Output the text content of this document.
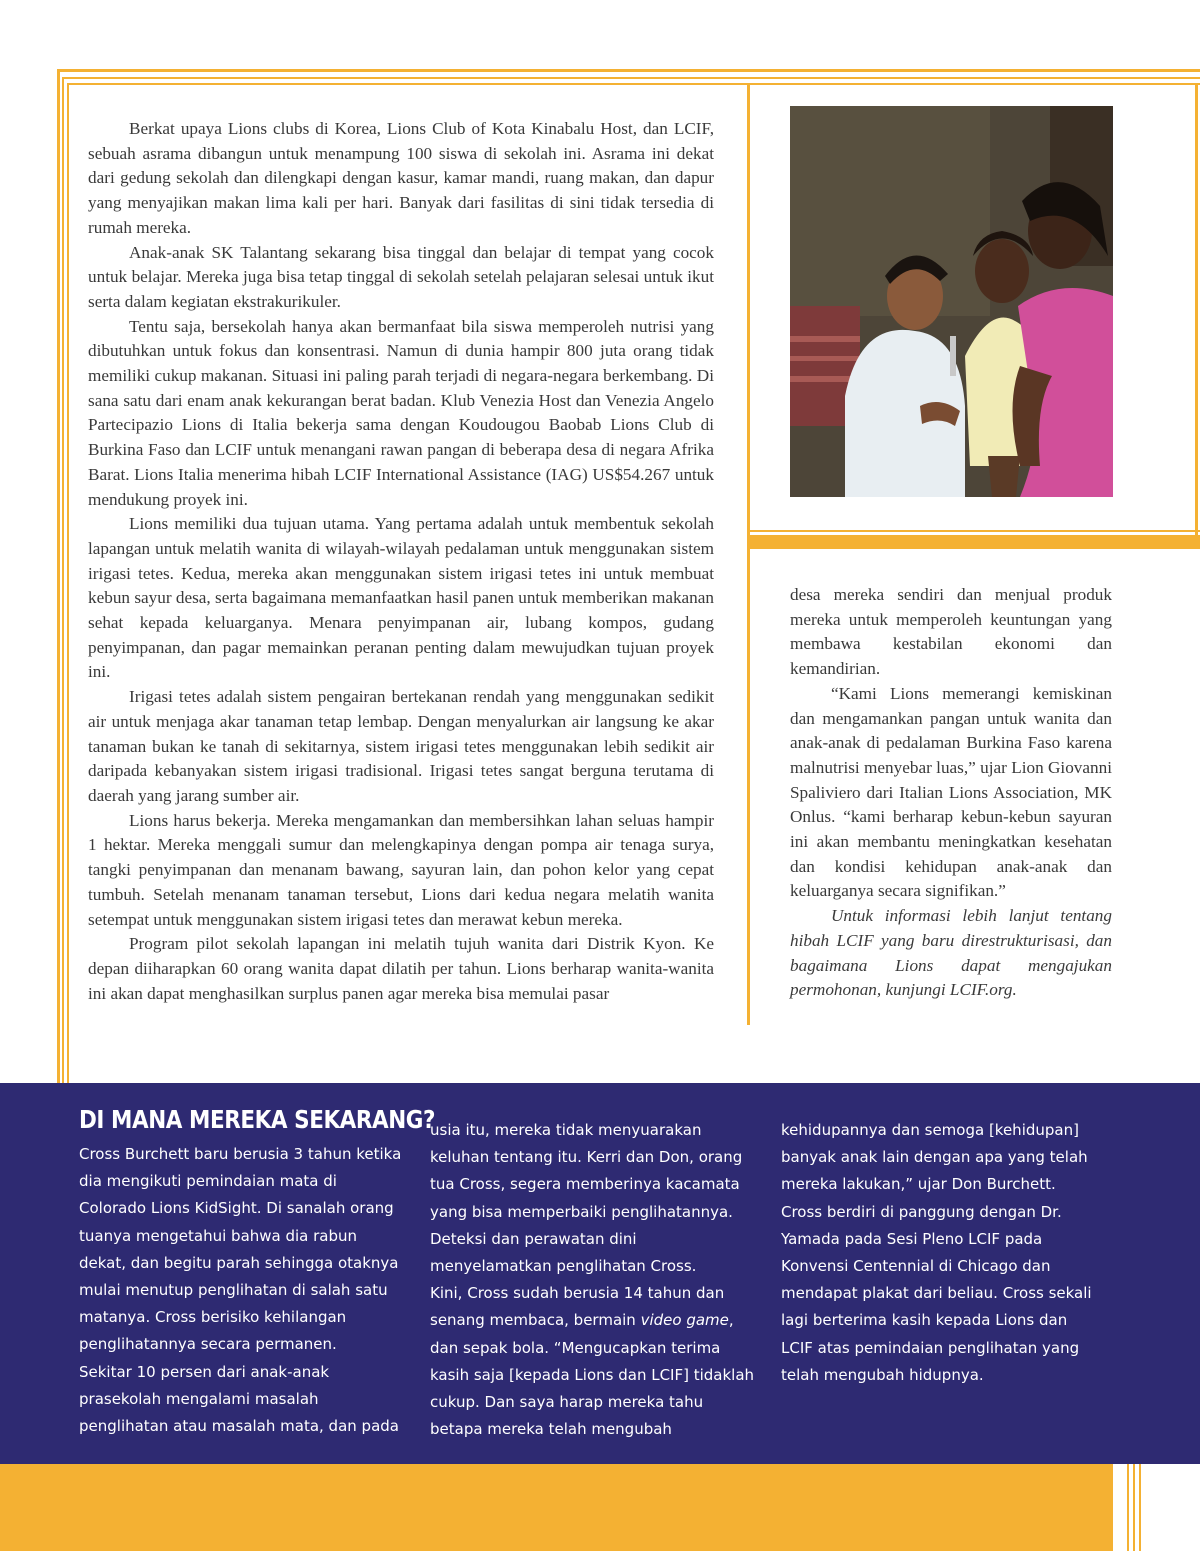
Berkat upaya Lions clubs di Korea, Lions Club of Kota Kinabalu Host, dan LCIF, sebuah asrama dibangun untuk menampung 100 siswa di sekolah ini. Asrama ini dekat dari gedung sekolah dan dilengkapi dengan kasur, kamar mandi, ruang makan, dan dapur yang menyajikan makan lima kali per hari. Banyak dari fasilitas di sini tidak tersedia di rumah mereka.

Anak-anak SK Talantang sekarang bisa tinggal dan belajar di tempat yang cocok untuk belajar. Mereka juga bisa tetap tinggal di sekolah setelah pelajaran selesai untuk ikut serta dalam kegiatan ekstrakurikuler.

Tentu saja, bersekolah hanya akan bermanfaat bila siswa memperoleh nutrisi yang dibutuhkan untuk fokus dan konsentrasi. Namun di dunia hampir 800 juta orang tidak memiliki cukup makanan. Situasi ini paling parah terjadi di negara-negara berkembang. Di sana satu dari enam anak kekurangan berat badan. Klub Venezia Host dan Venezia Angelo Partecipazio Lions di Italia bekerja sama dengan Koudougou Baobab Lions Club di Burkina Faso dan LCIF untuk menangani rawan pangan di beberapa desa di negara Afrika Barat. Lions Italia menerima hibah LCIF International Assistance (IAG) US$54.267 untuk mendukung proyek ini.

Lions memiliki dua tujuan utama. Yang pertama adalah untuk membentuk sekolah lapangan untuk melatih wanita di wilayah-wilayah pedalaman untuk menggunakan sistem irigasi tetes. Kedua, mereka akan menggunakan sistem irigasi tetes ini untuk membuat kebun sayur desa, serta bagaimana memanfaatkan hasil panen untuk memberikan makanan sehat kepada keluarganya. Menara penyimpanan air, lubang kompos, gudang penyimpanan, dan pagar memainkan peranan penting dalam mewujudkan tujuan proyek ini.

Irigasi tetes adalah sistem pengairan bertekanan rendah yang menggunakan sedikit air untuk menjaga akar tanaman tetap lembap. Dengan menyalurkan air langsung ke akar tanaman bukan ke tanah di sekitarnya, sistem irigasi tetes menggunakan lebih sedikit air daripada kebanyakan sistem irigasi tradisional. Irigasi tetes sangat berguna terutama di daerah yang jarang sumber air.

Lions harus bekerja. Mereka mengamankan dan membersihkan lahan seluas hampir 1 hektar. Mereka menggali sumur dan melengkapinya dengan pompa air tenaga surya, tangki penyimpanan dan menanam bawang, sayuran lain, dan pohon kelor yang cepat tumbuh. Setelah menanam tanaman tersebut, Lions dari kedua negara melatih wanita setempat untuk menggunakan sistem irigasi tetes dan merawat kebun mereka.

Program pilot sekolah lapangan ini melatih tujuh wanita dari Distrik Kyon. Ke depan diiharapkan 60 orang wanita dapat dilatih per tahun. Lions berharap wanita-wanita ini akan dapat menghasilkan surplus panen agar mereka bisa memulai pasar

desa mereka sendiri dan menjual produk mereka untuk memperoleh keuntungan yang membawa kestabilan ekonomi dan kemandirian.

“Kami Lions memerangi kemiskinan dan mengamankan pangan untuk wanita dan anak-anak di pedalaman Burkina Faso karena malnutrisi menyebar luas,” ujar Lion Giovanni Spaliviero dari Italian Lions Association, MK Onlus. “kami berharap kebun-kebun sayuran ini akan membantu meningkatkan kesehatan dan kondisi kehidupan anak-anak dan keluarganya secara signifikan.”

Untuk informasi lebih lanjut tentang hibah LCIF yang baru direstrukturisasi, dan bagaimana Lions dapat mengajukan permohonan, kunjungi LCIF.org.

DI MANA MEREKA SEKARANG?

Cross Burchett baru berusia 3 tahun ketika dia mengikuti pemindaian mata di Colorado Lions KidSight. Di sanalah orang tuanya mengetahui bahwa dia rabun dekat, dan begitu parah sehingga otaknya mulai menutup penglihatan di salah satu matanya. Cross berisiko kehilangan penglihatannya secara permanen.

Sekitar 10 persen dari anak-anak prasekolah mengalami masalah penglihatan atau masalah mata, dan pada

usia itu, mereka tidak menyuarakan keluhan tentang itu. Kerri dan Don, orang tua Cross, segera memberinya kacamata yang bisa memperbaiki penglihatannya. Deteksi dan perawatan dini menyelamatkan penglihatan Cross.

Kini, Cross sudah berusia 14 tahun dan senang membaca, bermain video game, dan sepak bola. “Mengucapkan terima kasih saja [kepada Lions dan LCIF] tidaklah cukup. Dan saya harap mereka tahu betapa mereka telah mengubah

kehidupannya dan semoga [kehidupan] banyak anak lain dengan apa yang telah mereka lakukan,” ujar Don Burchett. Cross berdiri di panggung dengan Dr. Yamada pada Sesi Pleno LCIF pada Konvensi Centennial di Chicago dan mendapat plakat dari beliau. Cross sekali lagi berterima kasih kepada Lions dan LCIF atas pemindaian penglihatan yang telah mengubah hidupnya.
